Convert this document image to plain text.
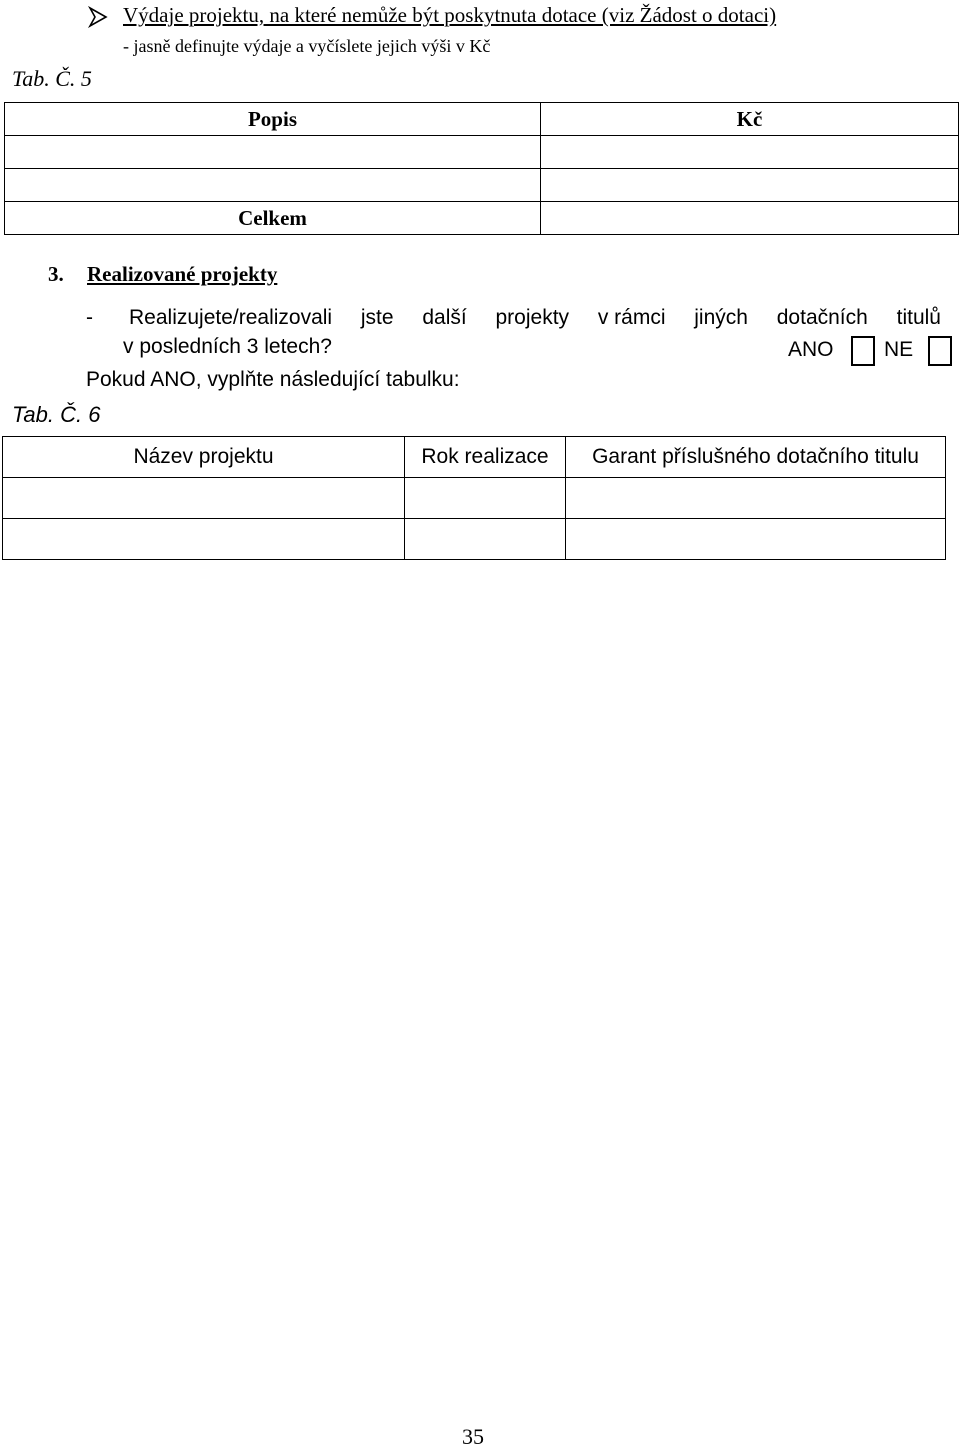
Výdaje projektu, na které nemůže být poskytnuta dotace (viz Žádost o dotaci)
- jasně definujte výdaje a vyčíslete jejich výši v Kč
Tab. Č. 5
Popis	Kč

Celkem	
3. Realizované projekty
- Realizujete/realizovali jste další projekty v rámci jiných dotačních titulů
v posledních 3 letech?	ANO NE
Pokud ANO, vyplňte následující tabulku:
Tab. Č. 6
Název projektu	Rok realizace	Garant příslušného dotačního titulu

35
